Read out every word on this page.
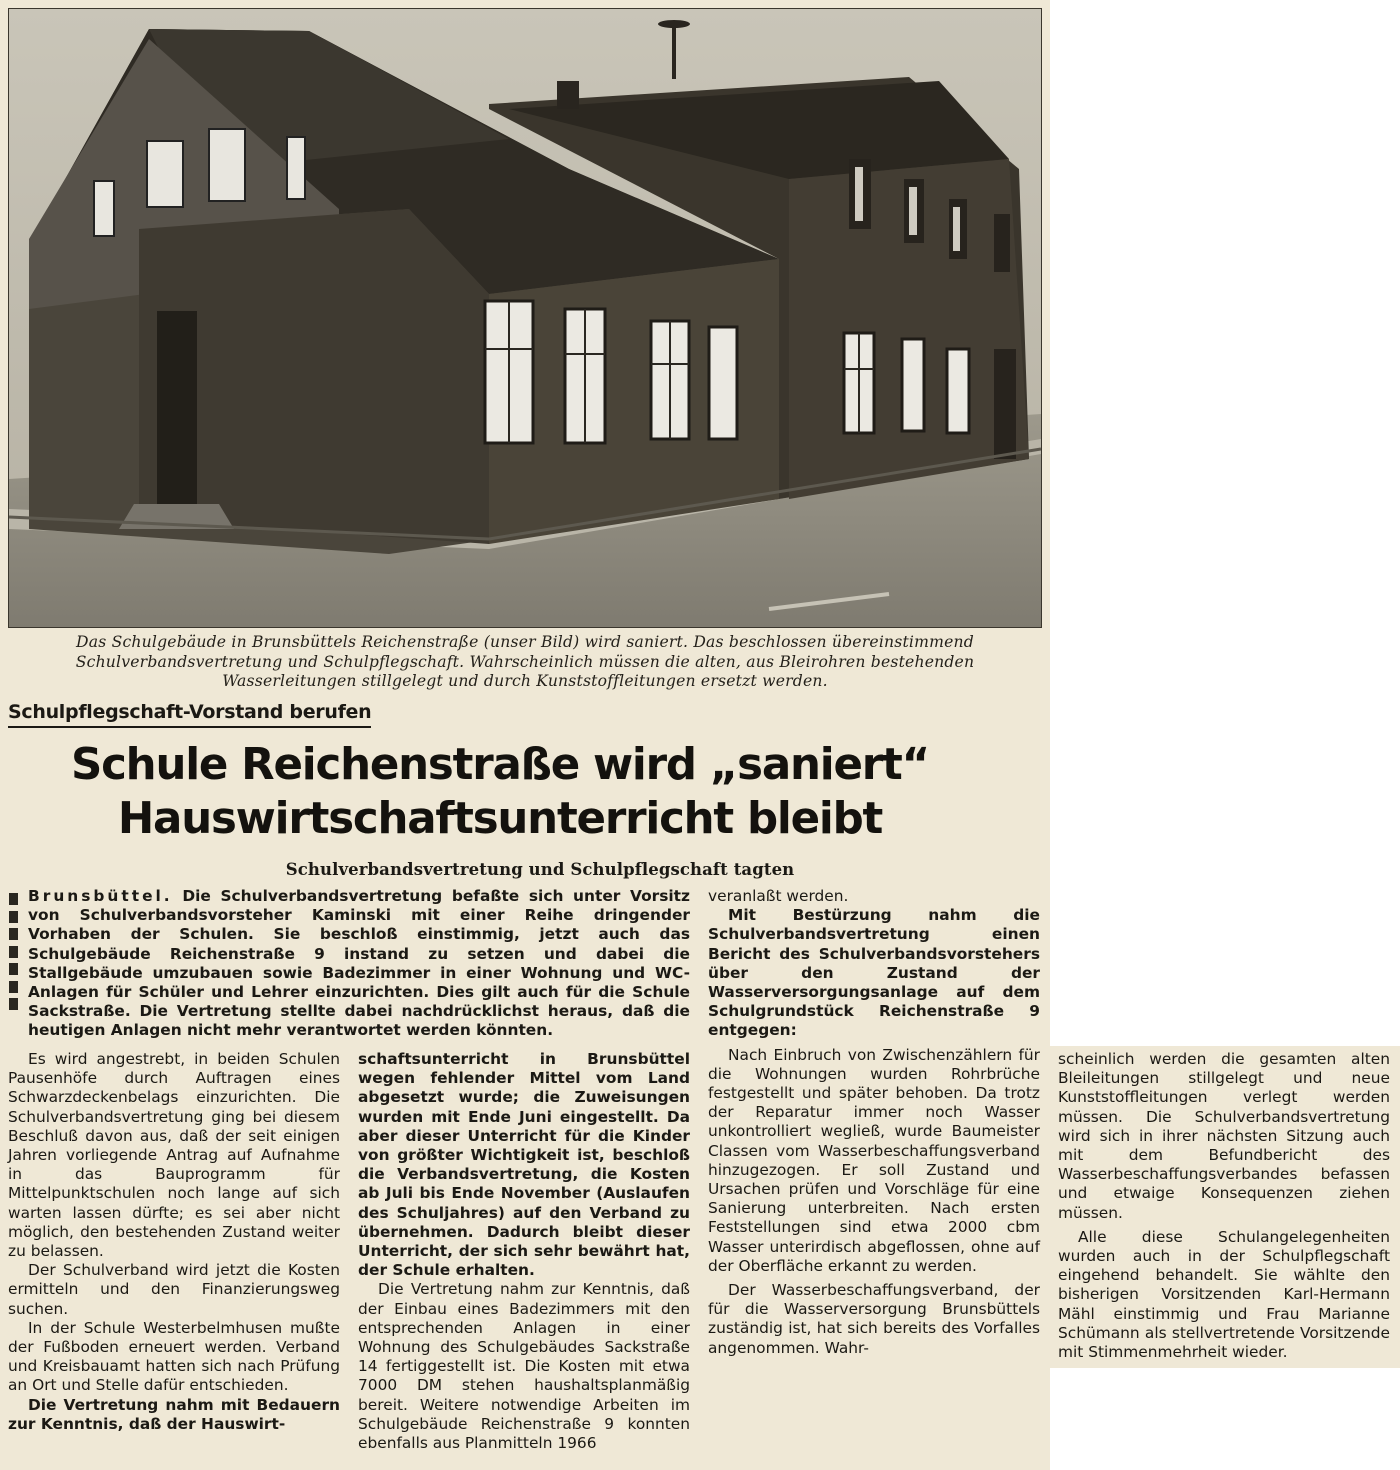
Das Schulgebäude in Brunsbüttels Reichenstraße (unser Bild) wird saniert. Das beschlossen übereinstimmend
Schulverbandsvertretung und Schulpflegschaft. Wahrscheinlich müssen die alten, aus Bleirohren bestehenden
Wasserleitungen stillgelegt und durch Kunststoffleitungen ersetzt werden.
Schulpflegschaft-Vorstand berufen
Schule Reichenstraße wird „saniert“
Hauswirtschaftsunterricht bleibt
Schulverbandsvertretung und Schulpflegschaft tagten
Brunsbüttel. Die Schulverbandsvertretung befaßte sich unter Vorsitz von Schulverbandsvorsteher Kaminski mit einer Reihe dringender Vorhaben der Schulen. Sie beschloß einstimmig, jetzt auch das Schulgebäude Reichenstraße 9 instand zu setzen und dabei die Stallgebäude umzubauen sowie Badezimmer in einer Wohnung und WC-Anlagen für Schüler und Lehrer einzurichten. Dies gilt auch für die Schule Sackstraße. Die Vertretung stellte dabei nachdrücklichst heraus, daß die heutigen Anlagen nicht mehr verantwortet werden könnten.

Es wird angestrebt, in beiden Schulen Pausenhöfe durch Auftragen eines Schwarzdeckenbelags einzurichten. Die Schulverbandsvertretung ging bei diesem Beschluß davon aus, daß der seit einigen Jahren vorliegende Antrag auf Aufnahme in das Bauprogramm für Mittelpunktschulen noch lange auf sich warten lassen dürfte; es sei aber nicht möglich, den bestehenden Zustand weiter zu belassen.

Der Schulverband wird jetzt die Kosten ermitteln und den Finanzierungsweg suchen.

In der Schule Westerbelmhusen mußte der Fußboden erneuert werden. Verband und Kreisbauamt hatten sich nach Prüfung an Ort und Stelle dafür entschieden.

Die Vertretung nahm mit Bedauern zur Kenntnis, daß der Hauswirt-

schaftsunterricht in Brunsbüttel wegen fehlender Mittel vom Land abgesetzt wurde; die Zuweisungen wurden mit Ende Juni eingestellt. Da aber dieser Unterricht für die Kinder von größter Wichtigkeit ist, beschloß die Verbandsvertretung, die Kosten ab Juli bis Ende November (Auslaufen des Schuljahres) auf den Verband zu übernehmen. Dadurch bleibt dieser Unterricht, der sich sehr bewährt hat, der Schule erhalten.

Die Vertretung nahm zur Kenntnis, daß der Einbau eines Badezimmers mit den entsprechenden Anlagen in einer Wohnung des Schulgebäudes Sackstraße 14 fertiggestellt ist. Die Kosten mit etwa 7000 DM stehen haushaltsplanmäßig bereit. Weitere notwendige Arbeiten im Schulgebäude Reichenstraße 9 konnten ebenfalls aus Planmitteln 1966

veranlaßt werden.

Mit Bestürzung nahm die Schulverbandsvertretung einen Bericht des Schulverbandsvorstehers über den Zustand der Wasserversorgungsanlage auf dem Schulgrundstück Reichenstraße 9 entgegen:

Nach Einbruch von Zwischenzählern für die Wohnungen wurden Rohrbrüche festgestellt und später behoben. Da trotz der Reparatur immer noch Wasser unkontrolliert wegließ, wurde Baumeister Classen vom Wasserbeschaffungsverband hinzugezogen. Er soll Zustand und Ursachen prüfen und Vorschläge für eine Sanierung unterbreiten. Nach ersten Feststellungen sind etwa 2000 cbm Wasser unterirdisch abgeflossen, ohne auf der Oberfläche erkannt zu werden.

Der Wasserbeschaffungsverband, der für die Wasserversorgung Brunsbüttels zuständig ist, hat sich bereits des Vorfalles angenommen. Wahr-

scheinlich werden die gesamten alten Bleileitungen stillgelegt und neue Kunststoffleitungen verlegt werden müssen. Die Schulverbandsvertretung wird sich in ihrer nächsten Sitzung auch mit dem Befundbericht des Wasserbeschaffungsverbandes befassen und etwaige Konsequenzen ziehen müssen.

Alle diese Schulangelegenheiten wurden auch in der Schulpflegschaft eingehend behandelt. Sie wählte den bisherigen Vorsitzenden Karl-Hermann Mähl einstimmig und Frau Marianne Schümann als stellvertretende Vorsitzende mit Stimmenmehrheit wieder.
